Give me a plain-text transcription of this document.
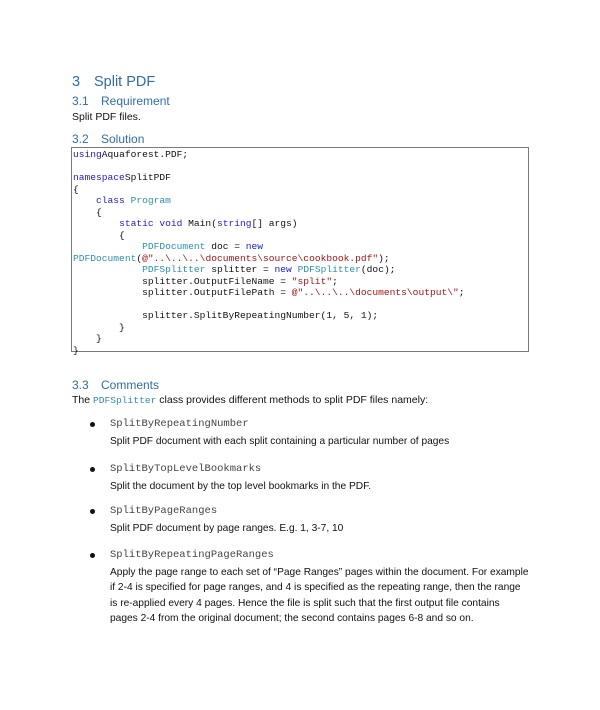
3 Split PDF
3.1 Requirement

Split PDF files.

3.2 Solution
usingAquaforest.PDF;

namespaceSplitPDF
{
class Program
{
static void Main(string[] args)
{
PDFDocument doc = new
PDFDocument(@"..\..\..\documents\source\cookbook.pdf");
PDFSplitter splitter = new PDFSplitter(doc);
splitter.OutputFileName = "split";
splitter.OutputFilePath = @"..\..\..\documents\output\";

splitter.SplitByRepeatingNumber(1, 5, 1);
}
}
}
3.3 Comments

The PDFSplitter class provides different methods to split PDF files namely:

SplitByRepeatingNumber
Split PDF document with each split containing a particular number of pages
SplitByTopLevelBookmarks
Split the document by the top level bookmarks in the PDF.
SplitByPageRanges
Split PDF document by page ranges. E.g. 1, 3-7, 10
SplitByRepeatingPageRanges
Apply the page range to each set of “Page Ranges” pages within the document. For example if 2-4 is specified for page ranges, and 4 is specified as the repeating range, then the range is re-applied every 4 pages. Hence the file is split such that the first output file contains pages 2-4 from the original document; the second contains pages 6-8 and so on.
